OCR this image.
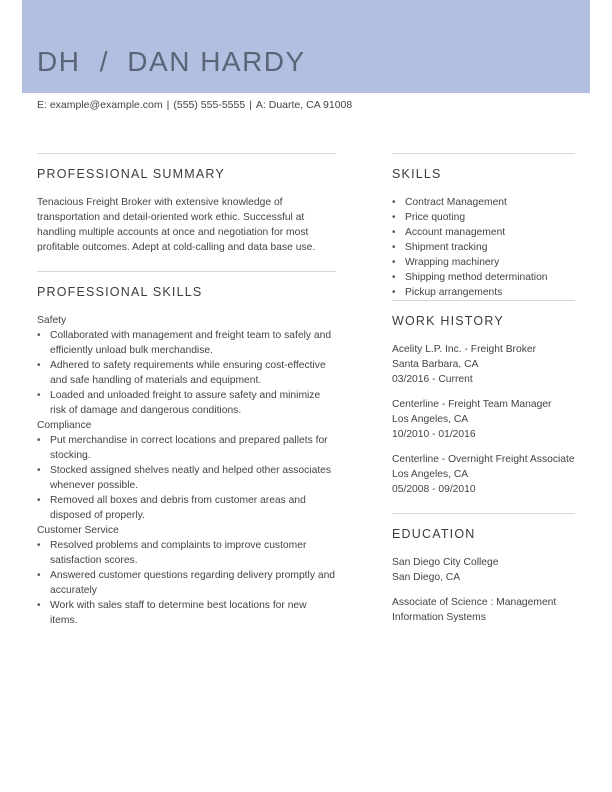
DH / DAN HARDY
E: example@example.com | (555) 555-5555 | A: Duarte, CA 91008
PROFESSIONAL SUMMARY
Tenacious Freight Broker with extensive knowledge of transportation and detail-oriented work ethic. Successful at handling multiple accounts at once and negotiation for most profitable outcomes. Adept at cold-calling and data base use.
PROFESSIONAL SKILLS
Safety
• Collaborated with management and freight team to safely and efficiently unload bulk merchandise.
• Adhered to safety requirements while ensuring cost-effective and safe handling of materials and equipment.
• Loaded and unloaded freight to assure safety and minimize risk of damage and dangerous conditions.
Compliance
• Put merchandise in correct locations and prepared pallets for stocking.
• Stocked assigned shelves neatly and helped other associates whenever possible.
• Removed all boxes and debris from customer areas and disposed of properly.
Customer Service
• Resolved problems and complaints to improve customer satisfaction scores.
• Answered customer questions regarding delivery promptly and accurately
• Work with sales staff to determine best locations for new items.
SKILLS
• Contract Management
• Price quoting
• Account management
• Shipment tracking
• Wrapping machinery
• Shipping method determination
• Pickup arrangements
WORK HISTORY
Acelity L.P. Inc. - Freight Broker
Santa Barbara, CA
03/2016 - Current
Centerline - Freight Team Manager
Los Angeles, CA
10/2010 - 01/2016
Centerline - Overnight Freight Associate
Los Angeles, CA
05/2008 - 09/2010
EDUCATION
San Diego City College
San Diego, CA
Associate of Science : Management Information Systems
